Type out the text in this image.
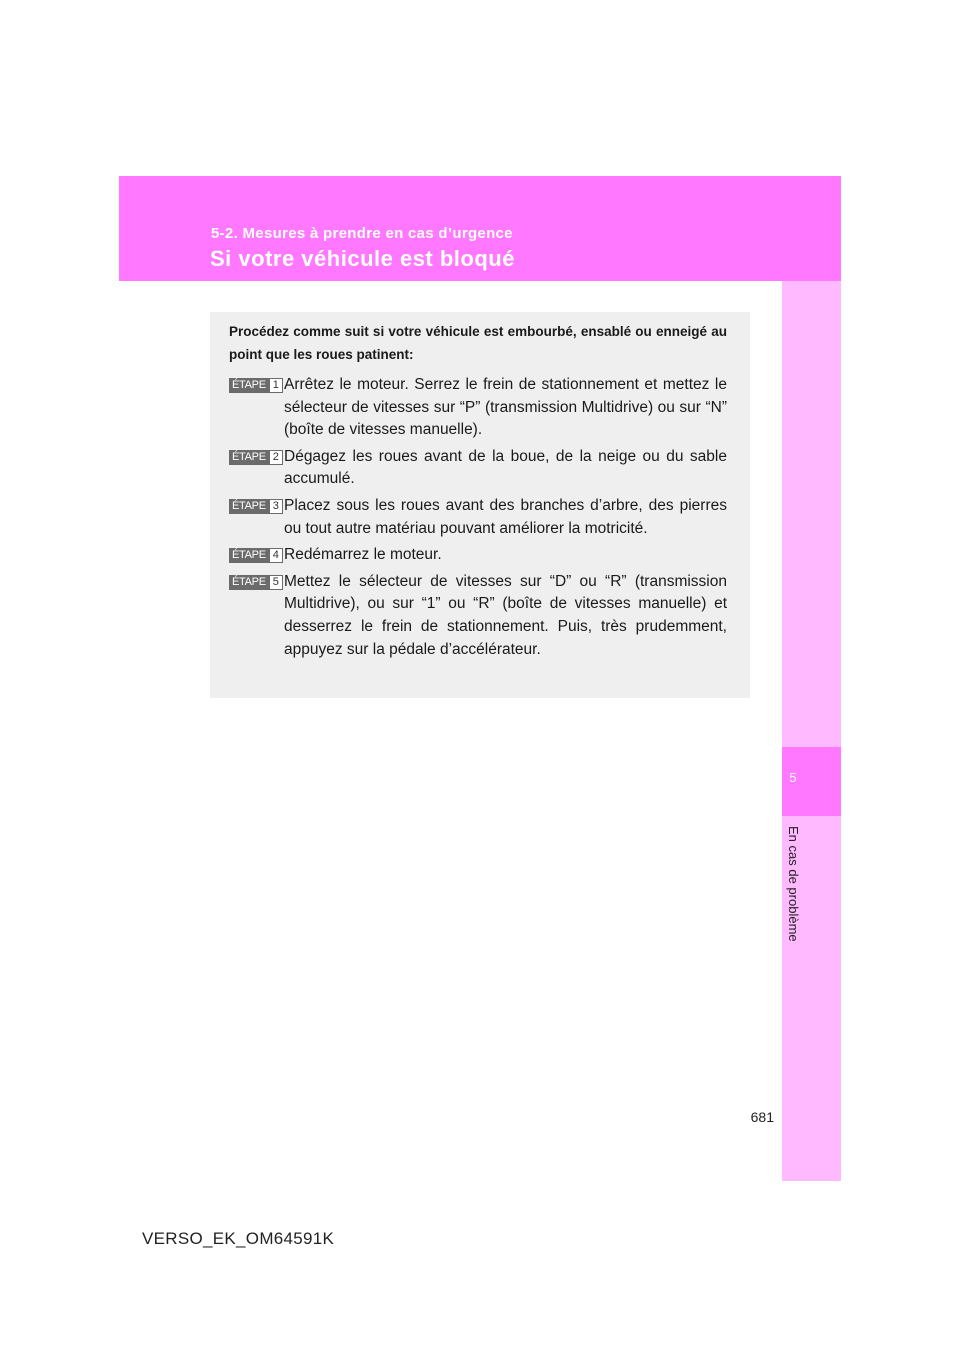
5-2. Mesures à prendre en cas d’urgence
Si votre véhicule est bloqué
5
En cas de problème

Procédez comme suit si votre véhicule est embourbé, ensablé ou enneigé au point que les roues patinent:

ÉTAPE 1 Arrêtez le moteur. Serrez le frein de stationnement et mettez le sélecteur de vitesses sur “P” (transmission Multidrive) ou sur “N” (boîte de vitesses manuelle).
ÉTAPE 2 Dégagez les roues avant de la boue, de la neige ou du sable accumulé.
ÉTAPE 3 Placez sous les roues avant des branches d’arbre, des pierres ou tout autre matériau pouvant améliorer la motricité.
ÉTAPE 4 Redémarrez le moteur.
ÉTAPE 5 Mettez le sélecteur de vitesses sur “D” ou “R” (transmission Multidrive), ou sur “1” ou “R” (boîte de vitesses manuelle) et desserrez le frein de stationnement. Puis, très prudemment, appuyez sur la pédale d’accélérateur.
681
VERSO_EK_OM64591K
